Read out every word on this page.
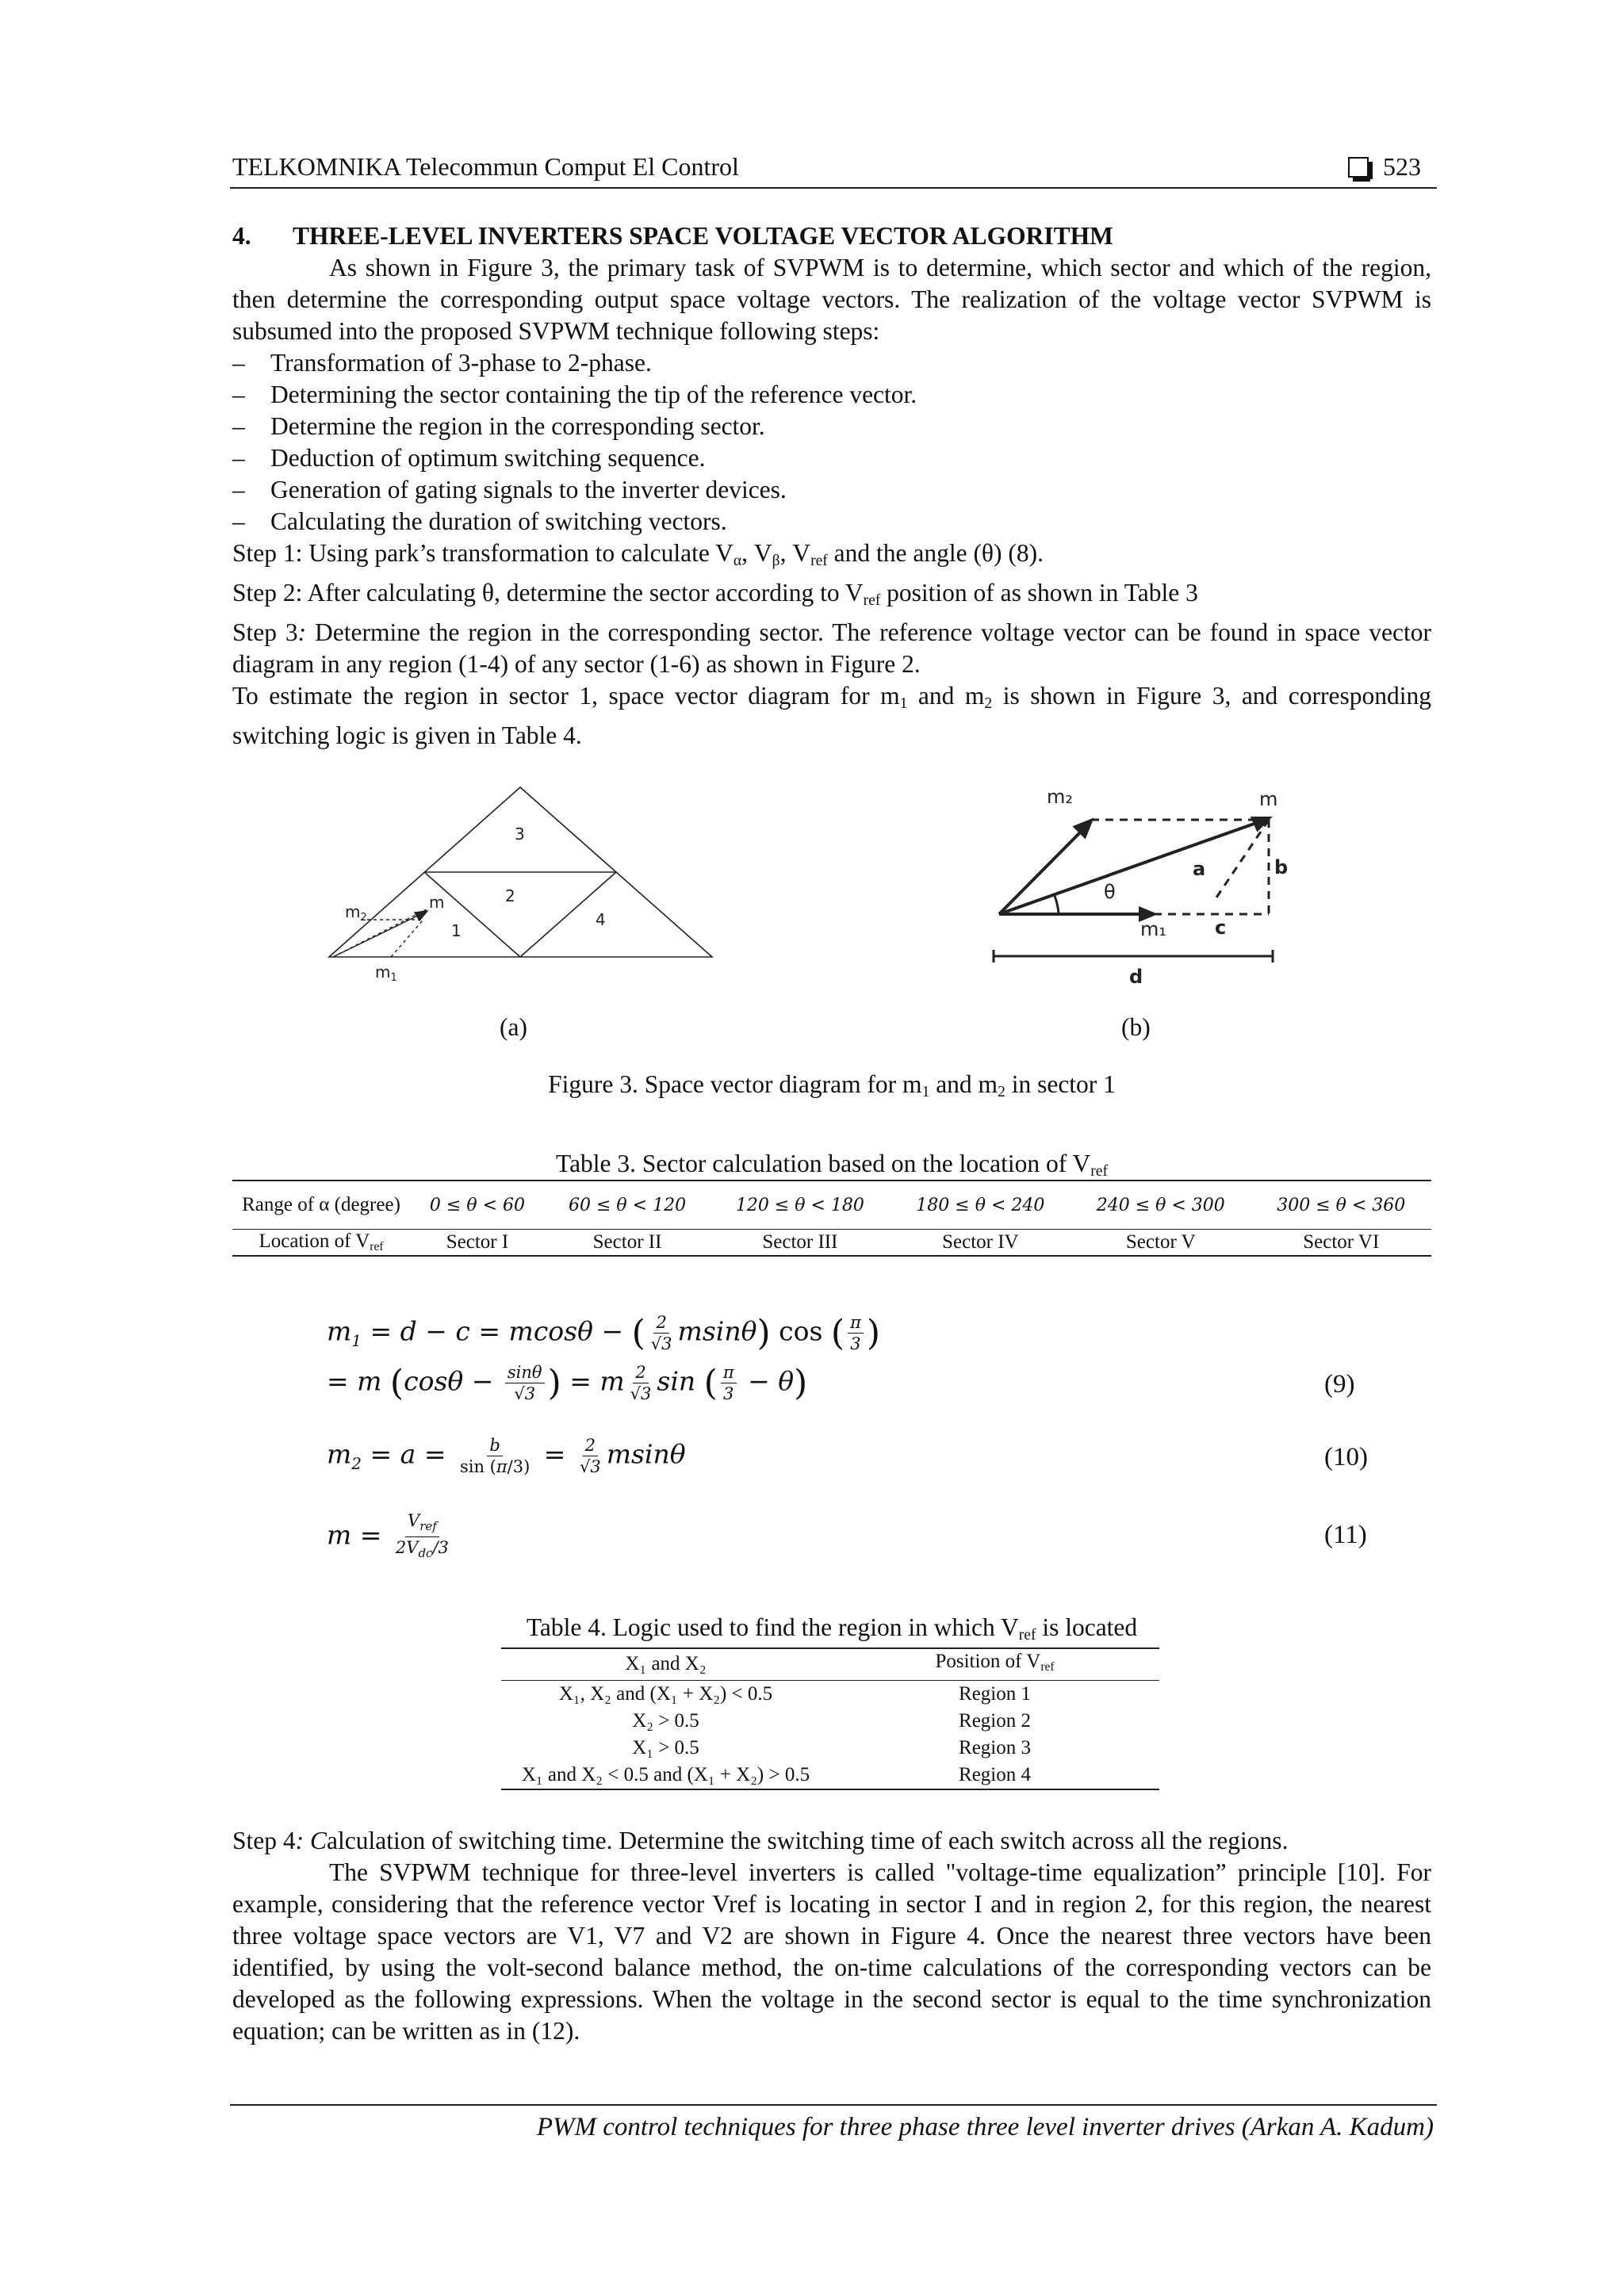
TELKOMNIKA Telecommun Comput El Control	523
4. THREE-LEVEL INVERTERS SPACE VOLTAGE VECTOR ALGORITHM

As shown in Figure 3, the primary task of SVPWM is to determine, which sector and which of the region, then determine the corresponding output space voltage vectors. The realization of the voltage vector SVPWM is subsumed into the proposed SVPWM technique following steps:

– Transformation of 3-phase to 2-phase.
– Determining the sector containing the tip of the reference vector.
– Determine the region in the corresponding sector.
– Deduction of optimum switching sequence.
– Generation of gating signals to the inverter devices.
– Calculating the duration of switching vectors.

Step 1: Using park’s transformation to calculate $V_\alpha$, $V_\beta$, $V_{ref}$ and the angle (θ) (8).

Step 2: After calculating θ, determine the sector according to $V_{ref}$ position of as shown in Table 3

Step 3: Determine the region in the corresponding sector. The reference voltage vector can be found in space vector diagram in any region (1-4) of any sector (1-6) as shown in Figure 2.

To estimate the region in sector 1, space vector diagram for $m_1$ and $m_2$ is shown in Figure 3, and corresponding switching logic is given in Table 4.

3
2
1
4
m
$m_2$
$m_1$
m₂	m
θ
a	b
m₁	c
d
(a)	(b)
Figure 3. Space vector diagram for $m_1$ and $m_2$ in sector 1
Table 3. Sector calculation based on the location of $V_{ref}$
Range of α (degree)	0 ≤ θ < 60	60 ≤ θ < 120	120 ≤ θ < 180	180 ≤ θ < 240	240 ≤ θ < 300	300 ≤ θ < 360
Location of $V_{ref}$	Sector I	Sector II	Sector III	Sector IV	Sector V	Sector VI
$m_1 = d - c = mcos\theta$ − ( $\frac{2}{√3} msin\theta$) cos ( $\frac{\pi}{3}$ )
= m ($\cos\theta - \frac{\sin\theta}{√3}$ ) = m $\frac{2}{√3}$ sin ( $\frac{\pi}{3} - \theta$)	(9)
$m_2 = a = \frac{b}{\sin (\pi/3)} = \frac{2}{√3}$ msinθ	(10)
$m = \frac{V_{ref}}{2V_{dc}/3}$	(11)
Table 4. Logic used to find the region in which $V_{ref}$ is located
X₁ and X₂	Position of $V_{ref}$
X₁, X₂ and (X₁ + X₂) < 0.5	Region 1
X₂ > 0.5	Region 2
X₁ > 0.5	Region 3
X₁ and X₂ < 0.5 and (X₁ + X₂) > 0.5	Region 4

Step 4: Calculation of switching time. Determine the switching time of each switch across all the regions.

The SVPWM technique for three-level inverters is called "voltage-time equalization” principle [10]. For example, considering that the reference vector Vref is locating in sector I and in region 2, for this region, the nearest three voltage space vectors are V1, V7 and V2 are shown in Figure 4. Once the nearest three vectors have been identified, by using the volt-second balance method, the on-time calculations of the corresponding vectors can be developed as the following expressions. When the voltage in the second sector is equal to the time synchronization equation; can be written as in (12).

PWM control techniques for three phase three level inverter drives (Arkan A. Kadum)
